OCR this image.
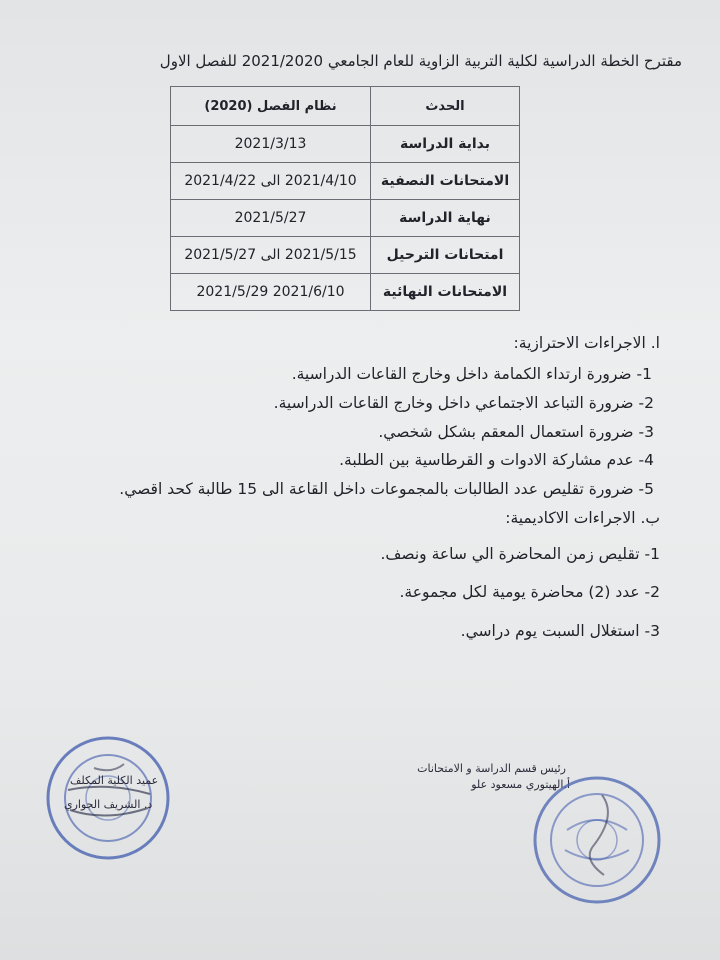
مقترح الخطة الدراسية لكلية التربية الزاوية للعام الجامعي 2021/2020 للفصل الاول
الحدث	نظام الفصل (2020)
بداية الدراسة	2021/3/13
الامتحانات النصفية	2021/4/10 الى 2021/4/22
نهاية الدراسة	2021/5/27
امتحانات الترحيل	2021/5/15 الى 2021/5/27
الامتحانات النهائية	2021/5/29 2021/6/10
ا. الاجراءات الاحترازية:
1- ضرورة ارتداء الكمامة داخل وخارج القاعات الدراسية.
2- ضرورة التباعد الاجتماعي داخل وخارج القاعات الدراسية.
3- ضرورة استعمال المعقم بشكل شخصي.
4- عدم مشاركة الادوات و القرطاسية بين الطلبة.
5- ضرورة تقليص عدد الطالبات بالمجموعات داخل القاعة الى 15 طالبة كحد اقصي.
ب. الاجراءات الاكاديمية:
1- تقليص زمن المحاضرة الي ساعة ونصف.
2- عدد (2) محاضرة يومية لكل مجموعة.
3- استغلال السبت يوم دراسي.
رئيس قسم الدراسة و الامتحانات
أ.الهيتوري مسعود علو
عميد الكلية المكلف
د. الشريف الجواري
